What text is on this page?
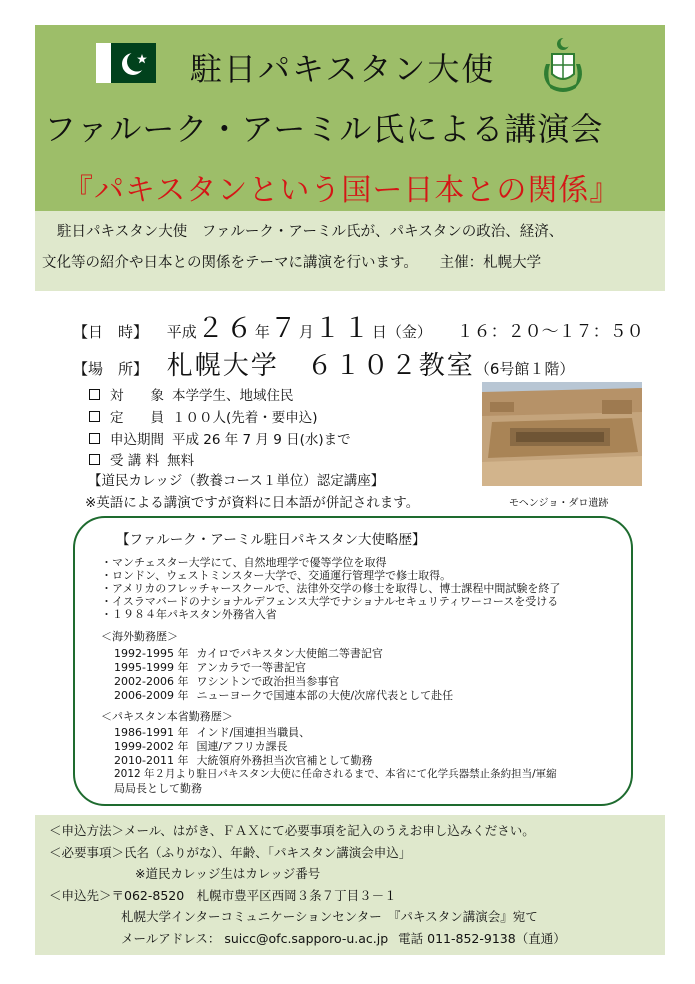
駐日パキスタン大使
ファルーク・アーミル氏による講演会
『パキスタンという国ー日本との関係』
駐日パキスタン大使　ファルーク・アーミル氏が、パキスタンの政治、経済、
文化等の紹介や日本との関係をテーマに講演を行います。　　主催：札幌大学
【日　時】 平成２６年７月１１日（金） １６：２０～１７：５０
【場　所】 札幌大学　６１０２教室（6号館１階）
対　　象 本学学生、地域住民
定　　員 １００人(先着・要申込)
申込期間 平成 26 年 7 月 9 日(水)まで
受 講 料 無料
【道民カレッジ（教養コース１単位）認定講座】
※英語による講演ですが資料に日本語が併記されます。	モヘンジョ・ダロ遺跡
【ファルーク・アーミル駐日パキスタン大使略歴】
・マンチェスター大学にて、自然地理学で優等学位を取得
・ロンドン、ウェストミンスター大学で、交通運行管理学で修士取得。
・アメリカのフレッチャースクールで、法律外交学の修士を取得し、博士課程中間試験を終了
・イスラマバードのナショナルデフェンス大学でナショナルセキュリティワーコースを受ける
・１９８４年パキスタン外務省入省
＜海外勤務歴＞
1992-1995 年 カイロでパキスタン大使館二等書記官
1995-1999 年 アンカラで一等書記官
2002-2006 年 ワシントンで政治担当参事官
2006-2009 年 ニューヨークで国連本部の大使/次席代表として赴任
＜パキスタン本省勤務歴＞
1986-1991 年 インド/国連担当職員、
1999-2002 年 国連/アフリカ課長
2010-2011 年 大統領府外務担当次官補として勤務
2012 年２月より駐日パキスタン大使に任命されるまで、本省にて化学兵器禁止条約担当/軍縮
局局長として勤務
＜申込方法＞メール、はがき、ＦＡＸにて必要事項を記入のうえお申し込みください。
＜必要事項＞氏名（ふりがな）、年齢、「パキスタン講演会申込」
※道民カレッジ生はカレッジ番号
＜申込先＞〒062-8520　札幌市豊平区西岡３条７丁目３－１
札幌大学インターコミュニケーションセンター　『パキスタン講演会』宛て
メールアドレス： suicc@ofc.sapporo-u.ac.jp 電話 011-852-9138（直通）
